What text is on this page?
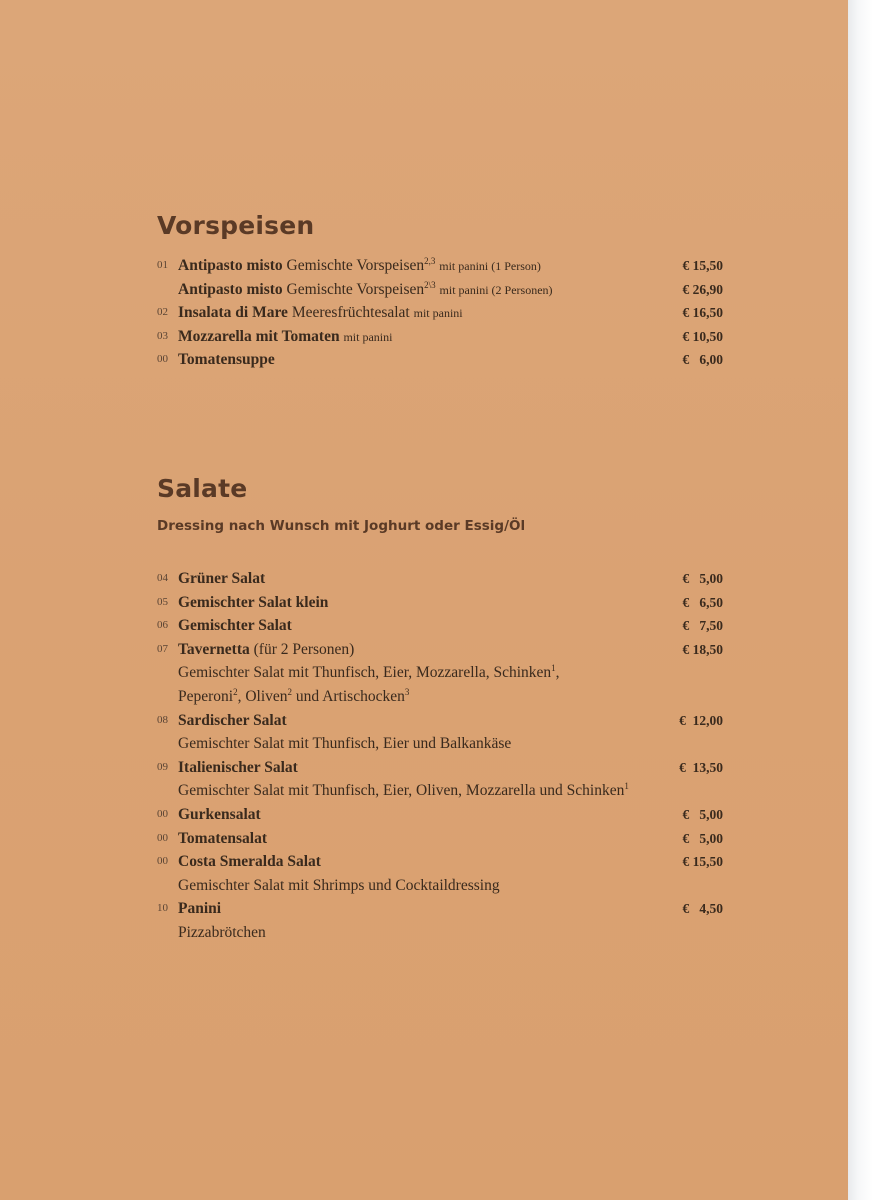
Vorspeisen
01 Antipasto misto Gemischte Vorspeisen$^{2,3}$ mit panini (1 Person)	€ 15,50
Antipasto misto Gemischte Vorspeisen$^{2\backslash 3}$ mit panini (2 Personen)	€ 26,90
02 Insalata di Mare Meeresfrüchtesalat mit panini	€ 16,50
03 Mozzarella mit Tomaten mit panini	€ 10,50
00 Tomatensuppe	€   6,00
Salate
Dressing nach Wunsch mit Joghurt oder Essig/Öl
04 Grüner Salat	€   5,00
05 Gemischter Salat klein	€   6,50
06 Gemischter Salat	€   7,50
07 Tavernetta (für 2 Personen)	€ 18,50
Gemischter Salat mit Thunfisch, Eier, Mozzarella, Schinken$^1$,
Peperoni$^2$, Oliven$^2$ und Artischocken$^3$
08 Sardischer Salat	€  12,00
Gemischter Salat mit Thunfisch, Eier und Balkankäse
09 Italienischer Salat	€  13,50
Gemischter Salat mit Thunfisch, Eier, Oliven, Mozzarella und Schinken$^1$
00 Gurkensalat	€   5,00
00 Tomatensalat	€   5,00
00 Costa Smeralda Salat	€ 15,50
Gemischter Salat mit Shrimps und Cocktaildressing
10 Panini	€   4,50
Pizzabrötchen
